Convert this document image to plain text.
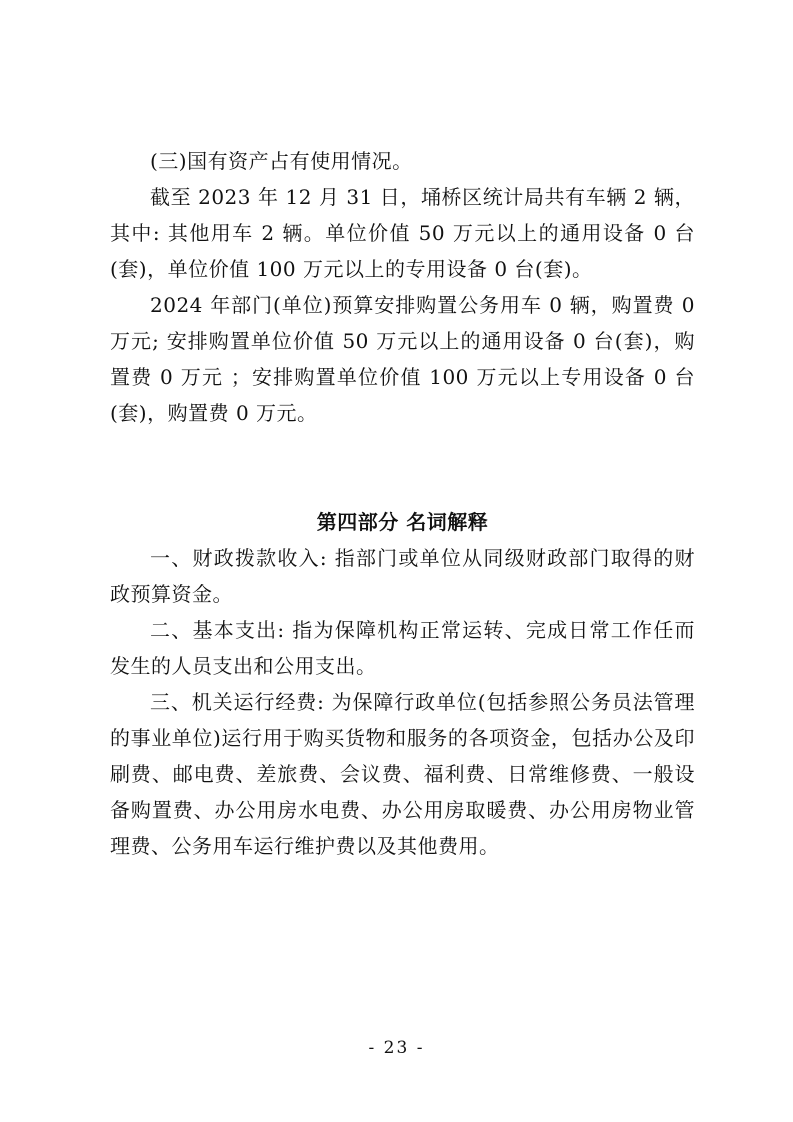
(三)国有资产占有使用情况。

截至 2023 年 12 月 31 日，埇桥区统计局共有车辆 2 辆，其中: 其他用车 2 辆。单位价值 50 万元以上的通用设备 0 台(套)，单位价值 100 万元以上的专用设备 0 台(套)。

2024 年部门(单位)预算安排购置公务用车 0 辆，购置费 0 万元; 安排购置单位价值 50 万元以上的通用设备 0 台(套)，购置费 0 万元 ；安排购置单位价值 100 万元以上专用设备 0 台(套)，购置费 0 万元。

第四部分 名词解释

一、财政拨款收入: 指部门或单位从同级财政部门取得的财政预算资金。

二、基本支出: 指为保障机构正常运转、完成日常工作任而发生的人员支出和公用支出。

三、机关运行经费: 为保障行政单位(包括参照公务员法管理的事业单位)运行用于购买货物和服务的各项资金，包括办公及印刷费、邮电费、差旅费、会议费、福利费、日常维修费、一般设备购置费、办公用房水电费、办公用房取暖费、办公用房物业管理费、公务用车运行维护费以及其他费用。

- 23 -
